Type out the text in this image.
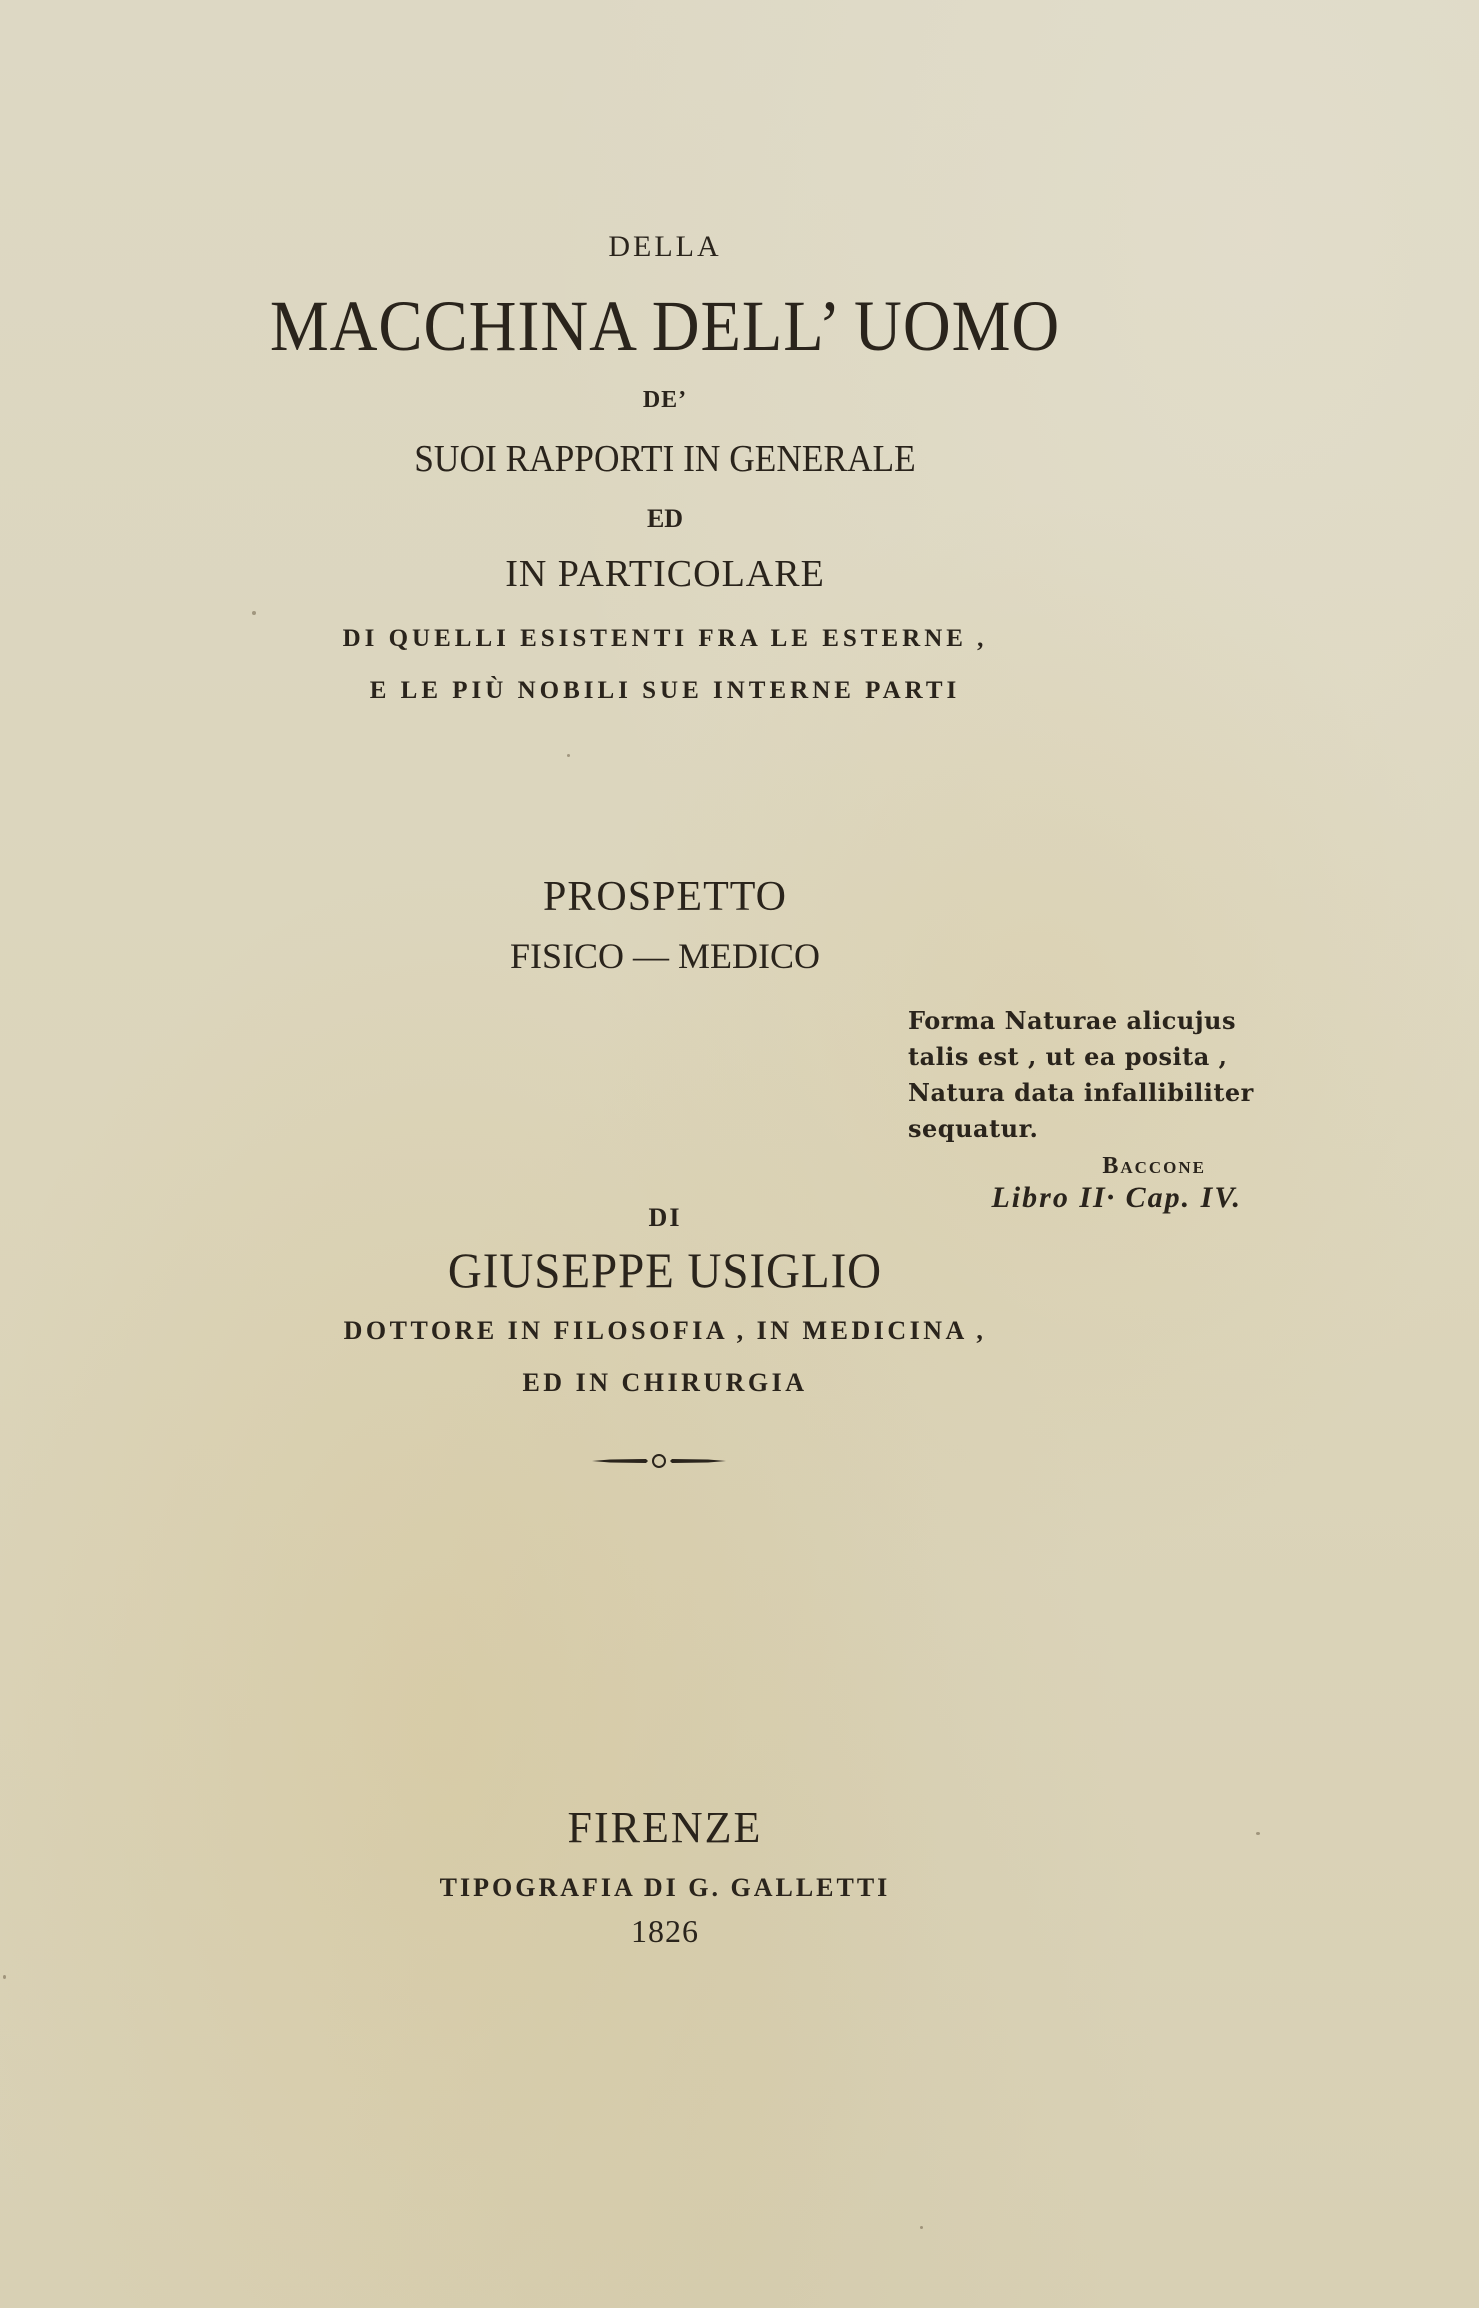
DELLA
MACCHINA DELL’ UOMO
DE’
SUOI RAPPORTI IN GENERALE
ED
IN PARTICOLARE
DI QUELLI ESISTENTI FRA LE ESTERNE ,
E LE PIÙ NOBILI SUE INTERNE PARTI
PROSPETTO
FISICO — MEDICO
Forma Naturae alicujus
talis est , ut ea posita ,
Natura data infallibiliter
sequatur.
Baccone
Libro II· Cap. IV.
DI
GIUSEPPE USIGLIO
DOTTORE IN FILOSOFIA , IN MEDICINA ,
ED IN CHIRURGIA
FIRENZE
TIPOGRAFIA DI G. GALLETTI
1826
